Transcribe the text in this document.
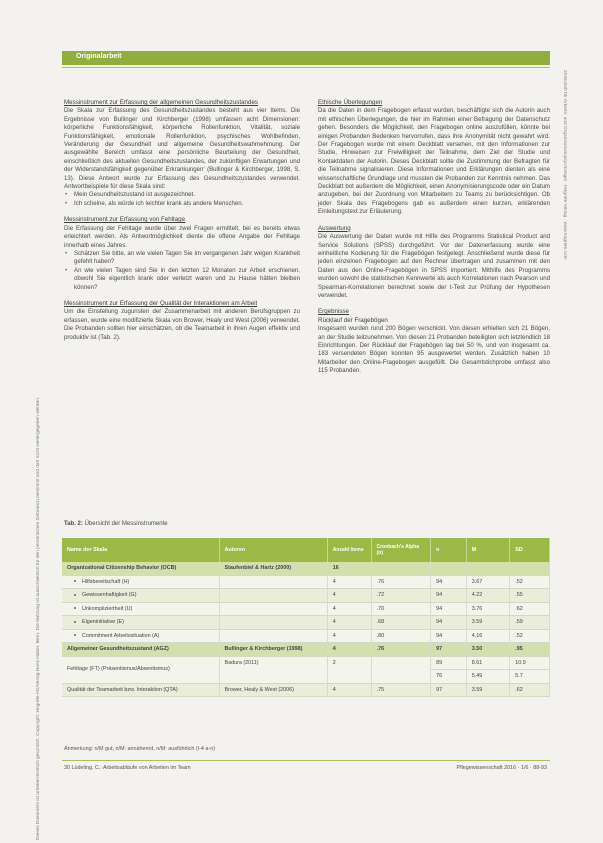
Originalarbeit
Dieses Dokument ist urheberrechtlich geschützt. Copyright: Hogrefe AG/Verlag Hans Huber, Bern. Die Nutzung ist ausschließlich für den persönlichen Gebrauch bestimmt und darf nicht weitergegeben werden.
Zeitschrift für Arbeits- und Organisationspsychologie · Hogrefe Verlag · www.hogrefe.com
Messinstrument zur Erfassung der allgemeinen Gesundheitszustandes

Die Skala zur Erfassung des Gesundheitszustandes besteht aus vier Items. Die Ergebnisse von Bullinger und Kirchberger (1998) umfassen acht Dimensionen: körperliche Funktionsfähigkeit, körperliche Rollenfunktion, Vitalität, soziale Funktionsfähigkeit, emotionale Rollenfunktion, psychisches Wohlbefinden, Veränderung der Gesundheit und allgemeine Gesundheitswahrnehmung. Der ausgewählte Bereich umfasst eine ‚persönliche Beurteilung der Gesundheit, einschließlich des aktuellen Gesundheitszustandes, der zukünftigen Erwartungen und der Widerstandsfähigkeit gegenüber Erkrankungen‘ (Bullinger & Kirchberger, 1998, S. 13). Diese Antwort wurde zur Erfassung des Gesundheitszustandes verwendet. Antwortbeispiele für diese Skala sind:

• Mein Gesundheitszustand ist ausgezeichnet.
• Ich scheine, als würde ich leichter krank als andere Menschen.
Messinstrument zur Erfassung von Fehltage

Die Erfassung der Fehltage wurde über zwei Fragen ermittelt, bei es bereits etwas erleichtert werden. Als Antwortmöglichkeit diente die offene Angabe der Fehltage innerhalb eines Jahres.

• Schätzen Sie bitte, an wie vielen Tagen Sie im vergangenen Jahr wegen Krankheit gefehlt haben?
• An wie vielen Tagen sind Sie in den letzten 12 Monaten zur Arbeit erschienen, obwohl Sie eigentlich krank oder verletzt waren und zu Hause hätten bleiben können?
Messinstrument zur Erfassung der Qualität der Interaktionen am Arbeit

Um die Einstellung zugunsten der Zusammenarbeit mit anderen Berufsgruppen zu erfassen, wurde eine modifizierte Skala von Brower, Healy und West (2006) verwendet. Die Probanden sollten hier einschätzen, ob die Teamarbeit in ihren Augen effektiv und produktiv ist (Tab. 2).

Ethische Überlegungen

Da die Daten in dem Fragebogen erfasst wurden, beschäftigte sich die Autorin auch mit ethischen Überlegungen, die hier im Rahmen einer Befragung der Datenschutz gehen. Besonders die Möglichkeit, den Fragebogen online auszufüllen, könnte bei einigen Probanden Bedenken hervorrufen, dass ihre Anonymität nicht gewahrt wird. Der Fragebogen wurde mit einem Deckblatt versehen, mit den Informationen zur Studie, Hinweisen zur Freiwilligkeit der Teilnahme, dem Ziel der Studie und Kontaktdaten der Autorin. Dieses Deckblatt sollte die Zustimmung der Befragten für die Teilnahme signalisieren. Diese Informationen und Erklärungen dienten als eine wissenschaftliche Grundlage und mussten die Probanden zur Kenntnis nehmen. Das Deckblatt bot außerdem die Möglichkeit, einen Anonymisierungscode oder ein Datum anzugeben, bei der Zuordnung von Mitarbeitern zu Teams zu berücksichtigen. Ob jeder Skala des Fragebogens gab es außerdem einen kurzen, erklärenden Einleitungstext zur Erläuterung.

Auswertung

Die Auswertung der Daten wurde mit Hilfe des Programms Statistical Product and Service Solutions (SPSS) durchgeführt. Vor der Datenerfassung wurde eine einheitliche Kodierung für die Fragebögen festgelegt. Anschließend wurde diese für jeden einzelnen Fragebogen auf den Rechner übertragen und zusammen mit den Daten aus den Online-Fragebögen in SPSS importiert. Mithilfe des Programms wurden sowohl die statistischen Kennwerte als auch Korrelationen nach Pearson und Spearman-Korrelationen berechnet sowie der t-Test zur Prüfung der Hypothesen verwendet.

Ergebnisse
Rücklauf der Fragebögen

Insgesamt wurden rund 200 Bögen verschickt. Von diesen erhielten sich 21 Bögen, an der Studie teilzunehmen. Von diesen 21 Probanden beteiligten sich letztendlich 18 Einrichtungen. Der Rücklauf der Fragebögen lag bei 50 %, und von insgesamt ca. 183 versendeten Bögen konnten 95 ausgewertet werden. Zusätzlich haben 10 Mitarbeiter den Online-Fragebogen ausgefüllt. Die Gesamtstichprobe umfasst also 115 Probanden.

Tab. 2: Übersicht der Messinstrumente
Name der Skala	Autoren	Anzahl Items	Cronbach's Alpha (α)	n	M	SD
Organizational Citizenship Behavior (OCB)	Staufenbiel & Hartz (2000)	16				
Hilfsbereitschaft (H)		4	.76	94	3.67	.52
Gewissenhaftigkeit (G)		4	.72	94	4.22	.55
Unkompliziertheit (U)		4	.70	94	3.76	.62
Eigeninitiative (E)		4	.68	94	3.59	.59
Commitment Arbeitssituation (A)		4	.80	94	4.16	.52
Allgemeiner Gesundheitszustand (AGZ)	Bullinger & Kirchberger (1998)	4	.76	97	3.50	.95
Fehltage (FT) (Präsentismus/Absentismus)	Badura (2011)	2		89	8.61	10.9
				76	5.49	5.7
Qualität der Teamarbeit bzw. Interaktion (QTA)	Brower, Healy & West (2006)	4	.75	97	3.59	.62
Anmerkung: n/M gut, n/M: annähernd, n/M: ausführlich (I-4 a-n)
30 Lüdeling, C.: Arbeitsabläufe von Arbeiten im Team	Pflegewissenschaft 2016 · 1/6 · 88-93
